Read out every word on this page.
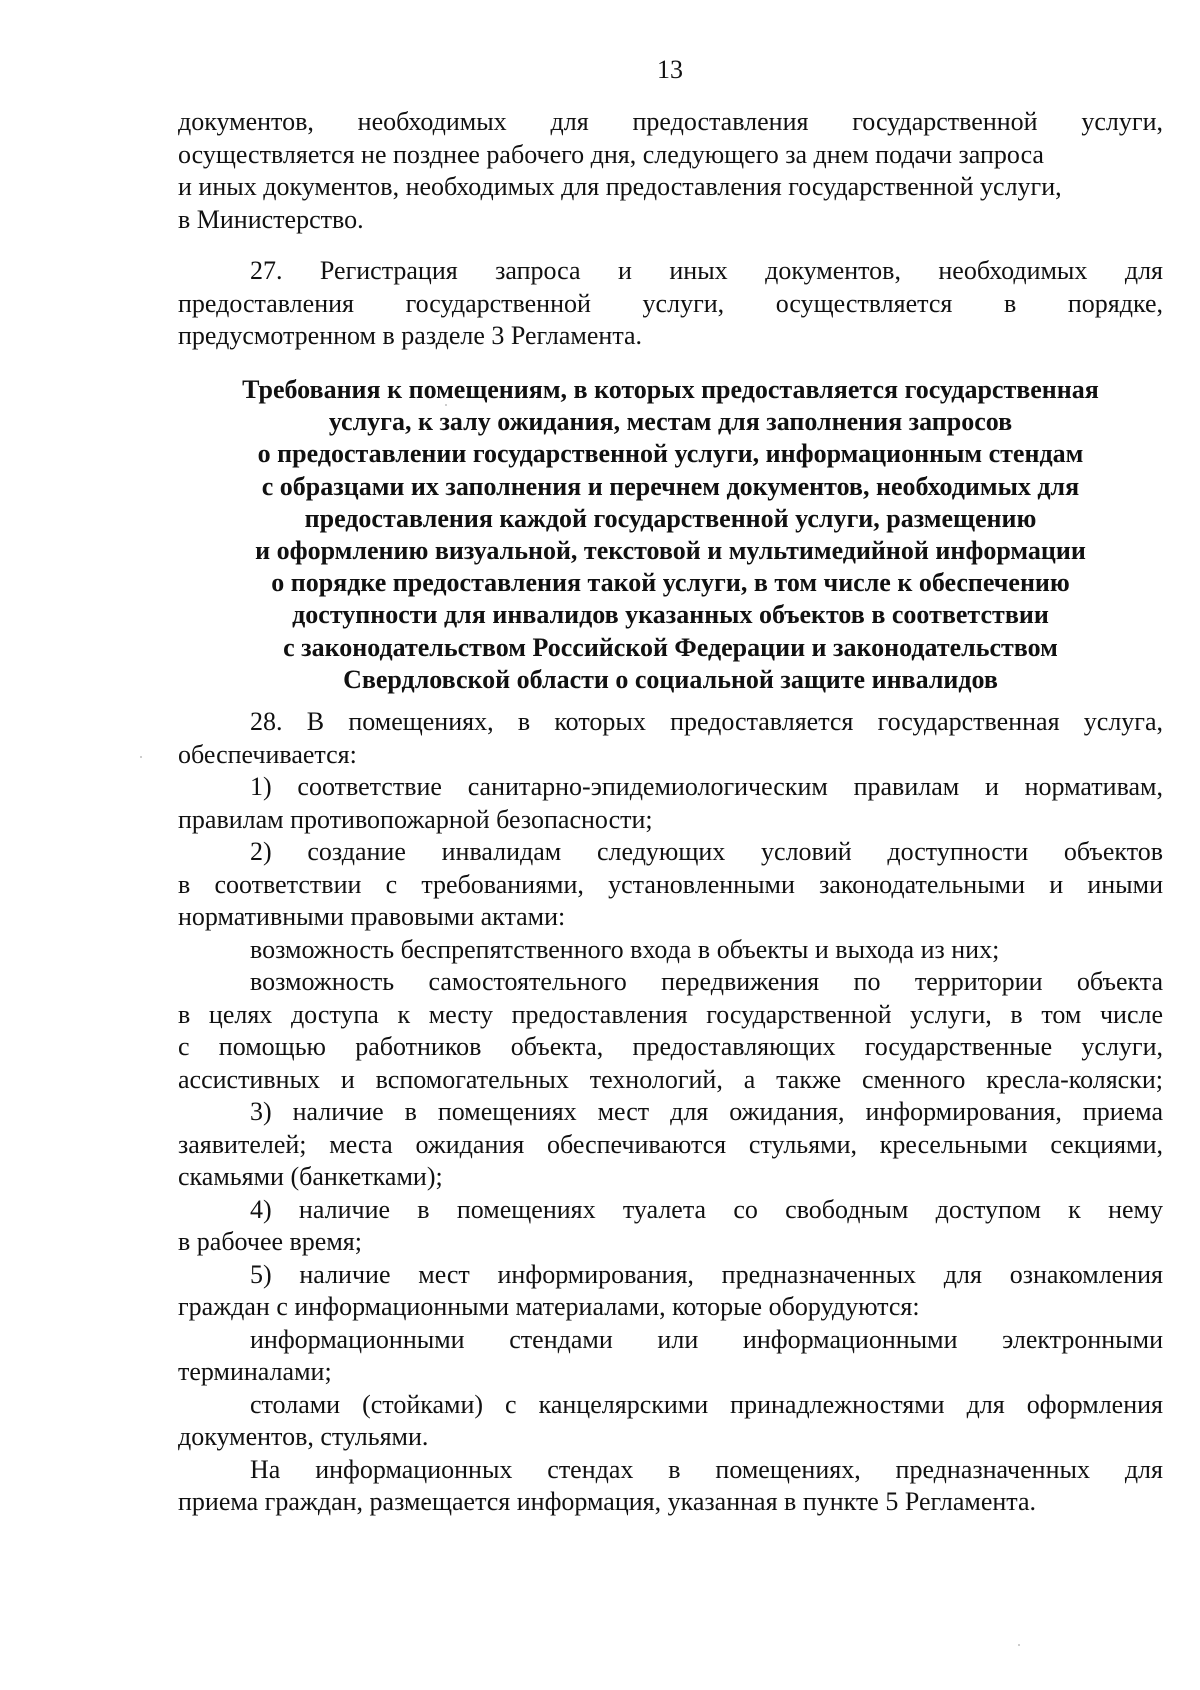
13
документов, необходимых для предоставления государственной услуги,
осуществляется не позднее рабочего дня, следующего за днем подачи запроса
и иных документов, необходимых для предоставления государственной услуги,
в Министерство.
27. Регистрация запроса и иных документов, необходимых для
предоставления государственной услуги, осуществляется в порядке,
предусмотренном в разделе 3 Регламента.
Требования к помещениям, в которых предоставляется государственная
услуга, к залу ожидания, местам для заполнения запросов
о предоставлении государственной услуги, информационным стендам
с образцами их заполнения и перечнем документов, необходимых для
предоставления каждой государственной услуги, размещению
и оформлению визуальной, текстовой и мультимедийной информации
о порядке предоставления такой услуги, в том числе к обеспечению
доступности для инвалидов указанных объектов в соответствии
с законодательством Российской Федерации и законодательством
Свердловской области о социальной защите инвалидов
28. В помещениях, в которых предоставляется государственная услуга,
обеспечивается:
1) соответствие санитарно-эпидемиологическим правилам и нормативам,
правилам противопожарной безопасности;
2) создание инвалидам следующих условий доступности объектов
в соответствии с требованиями, установленными законодательными и иными
нормативными правовыми актами:
возможность беспрепятственного входа в объекты и выхода из них;
возможность самостоятельного передвижения по территории объекта
в целях доступа к месту предоставления государственной услуги, в том числе
с помощью работников объекта, предоставляющих государственные услуги,
ассистивных и вспомогательных технологий, а также сменного кресла-коляски;
3) наличие в помещениях мест для ожидания, информирования, приема
заявителей; места ожидания обеспечиваются стульями, кресельными секциями,
скамьями (банкетками);
4) наличие в помещениях туалета со свободным доступом к нему
в рабочее время;
5) наличие мест информирования, предназначенных для ознакомления
граждан с информационными материалами, которые оборудуются:
информационными стендами или информационными электронными
терминалами;
столами (стойками) с канцелярскими принадлежностями для оформления
документов, стульями.
На информационных стендах в помещениях, предназначенных для
приема граждан, размещается информация, указанная в пункте 5 Регламента.
